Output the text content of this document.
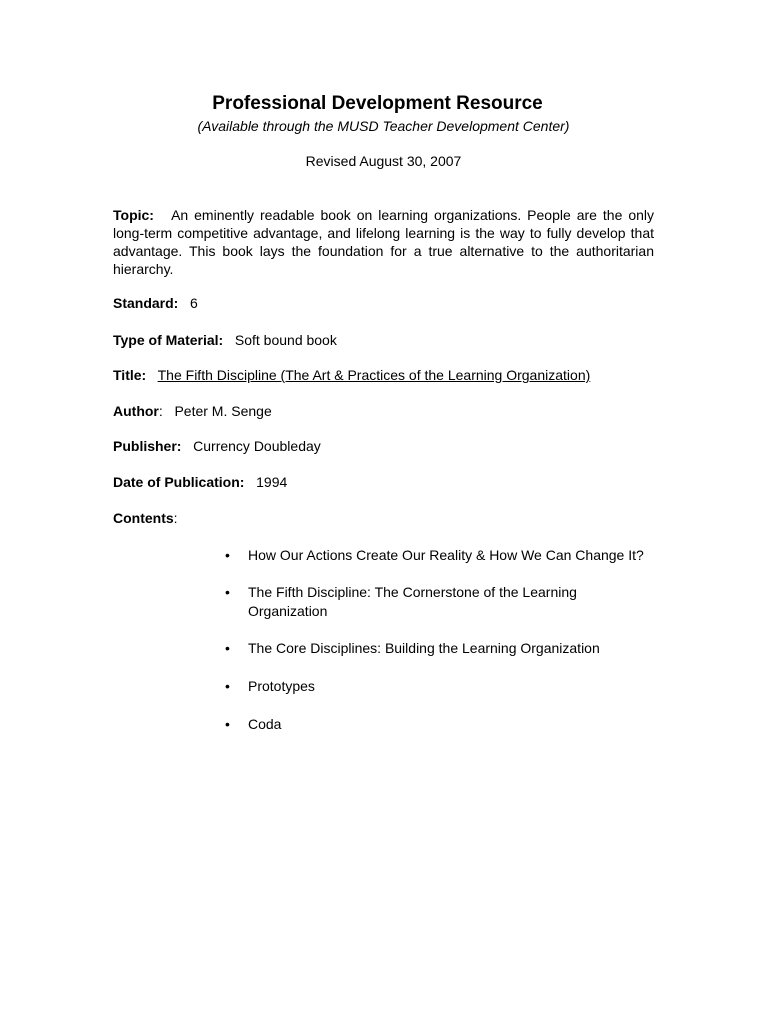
Professional Development Resource
(Available through the MUSD Teacher Development Center)
Revised August 30, 2007
Topic: An eminently readable book on learning organizations. People are the only long-term competitive advantage, and lifelong learning is the way to fully develop that advantage. This book lays the foundation for a true alternative to the authoritarian hierarchy.
Standard: 6
Type of Material: Soft bound book
Title: The Fifth Discipline (The Art & Practices of the Learning Organization)
Author: Peter M. Senge
Publisher: Currency Doubleday
Date of Publication: 1994
Contents:
• How Our Actions Create Our Reality & How We Can Change It?
• The Fifth Discipline: The Cornerstone of the Learning Organization
• The Core Disciplines: Building the Learning Organization
• Prototypes
• Coda
